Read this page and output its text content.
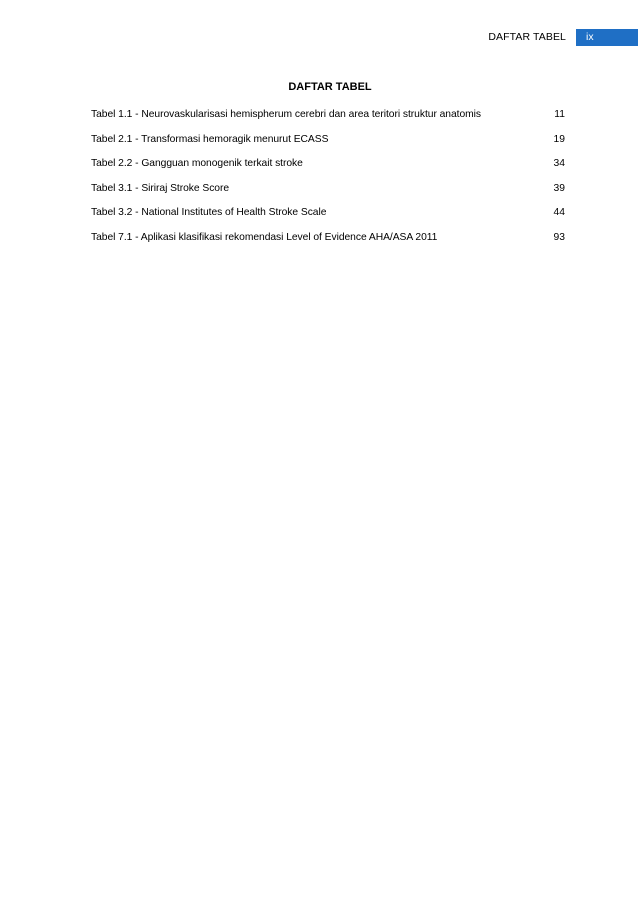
DAFTAR TABEL	ix
DAFTAR TABEL
Tabel 1.1 - Neurovaskularisasi hemispherum cerebri dan area teritori struktur anatomis	11
Tabel 2.1 - Transformasi hemoragik menurut ECASS	19
Tabel 2.2 - Gangguan monogenik terkait stroke	34
Tabel 3.1 - Siriraj Stroke Score	39
Tabel 3.2 - National Institutes of Health Stroke Scale	44
Tabel 7.1 - Aplikasi klasifikasi rekomendasi Level of Evidence AHA/ASA 2011	93
